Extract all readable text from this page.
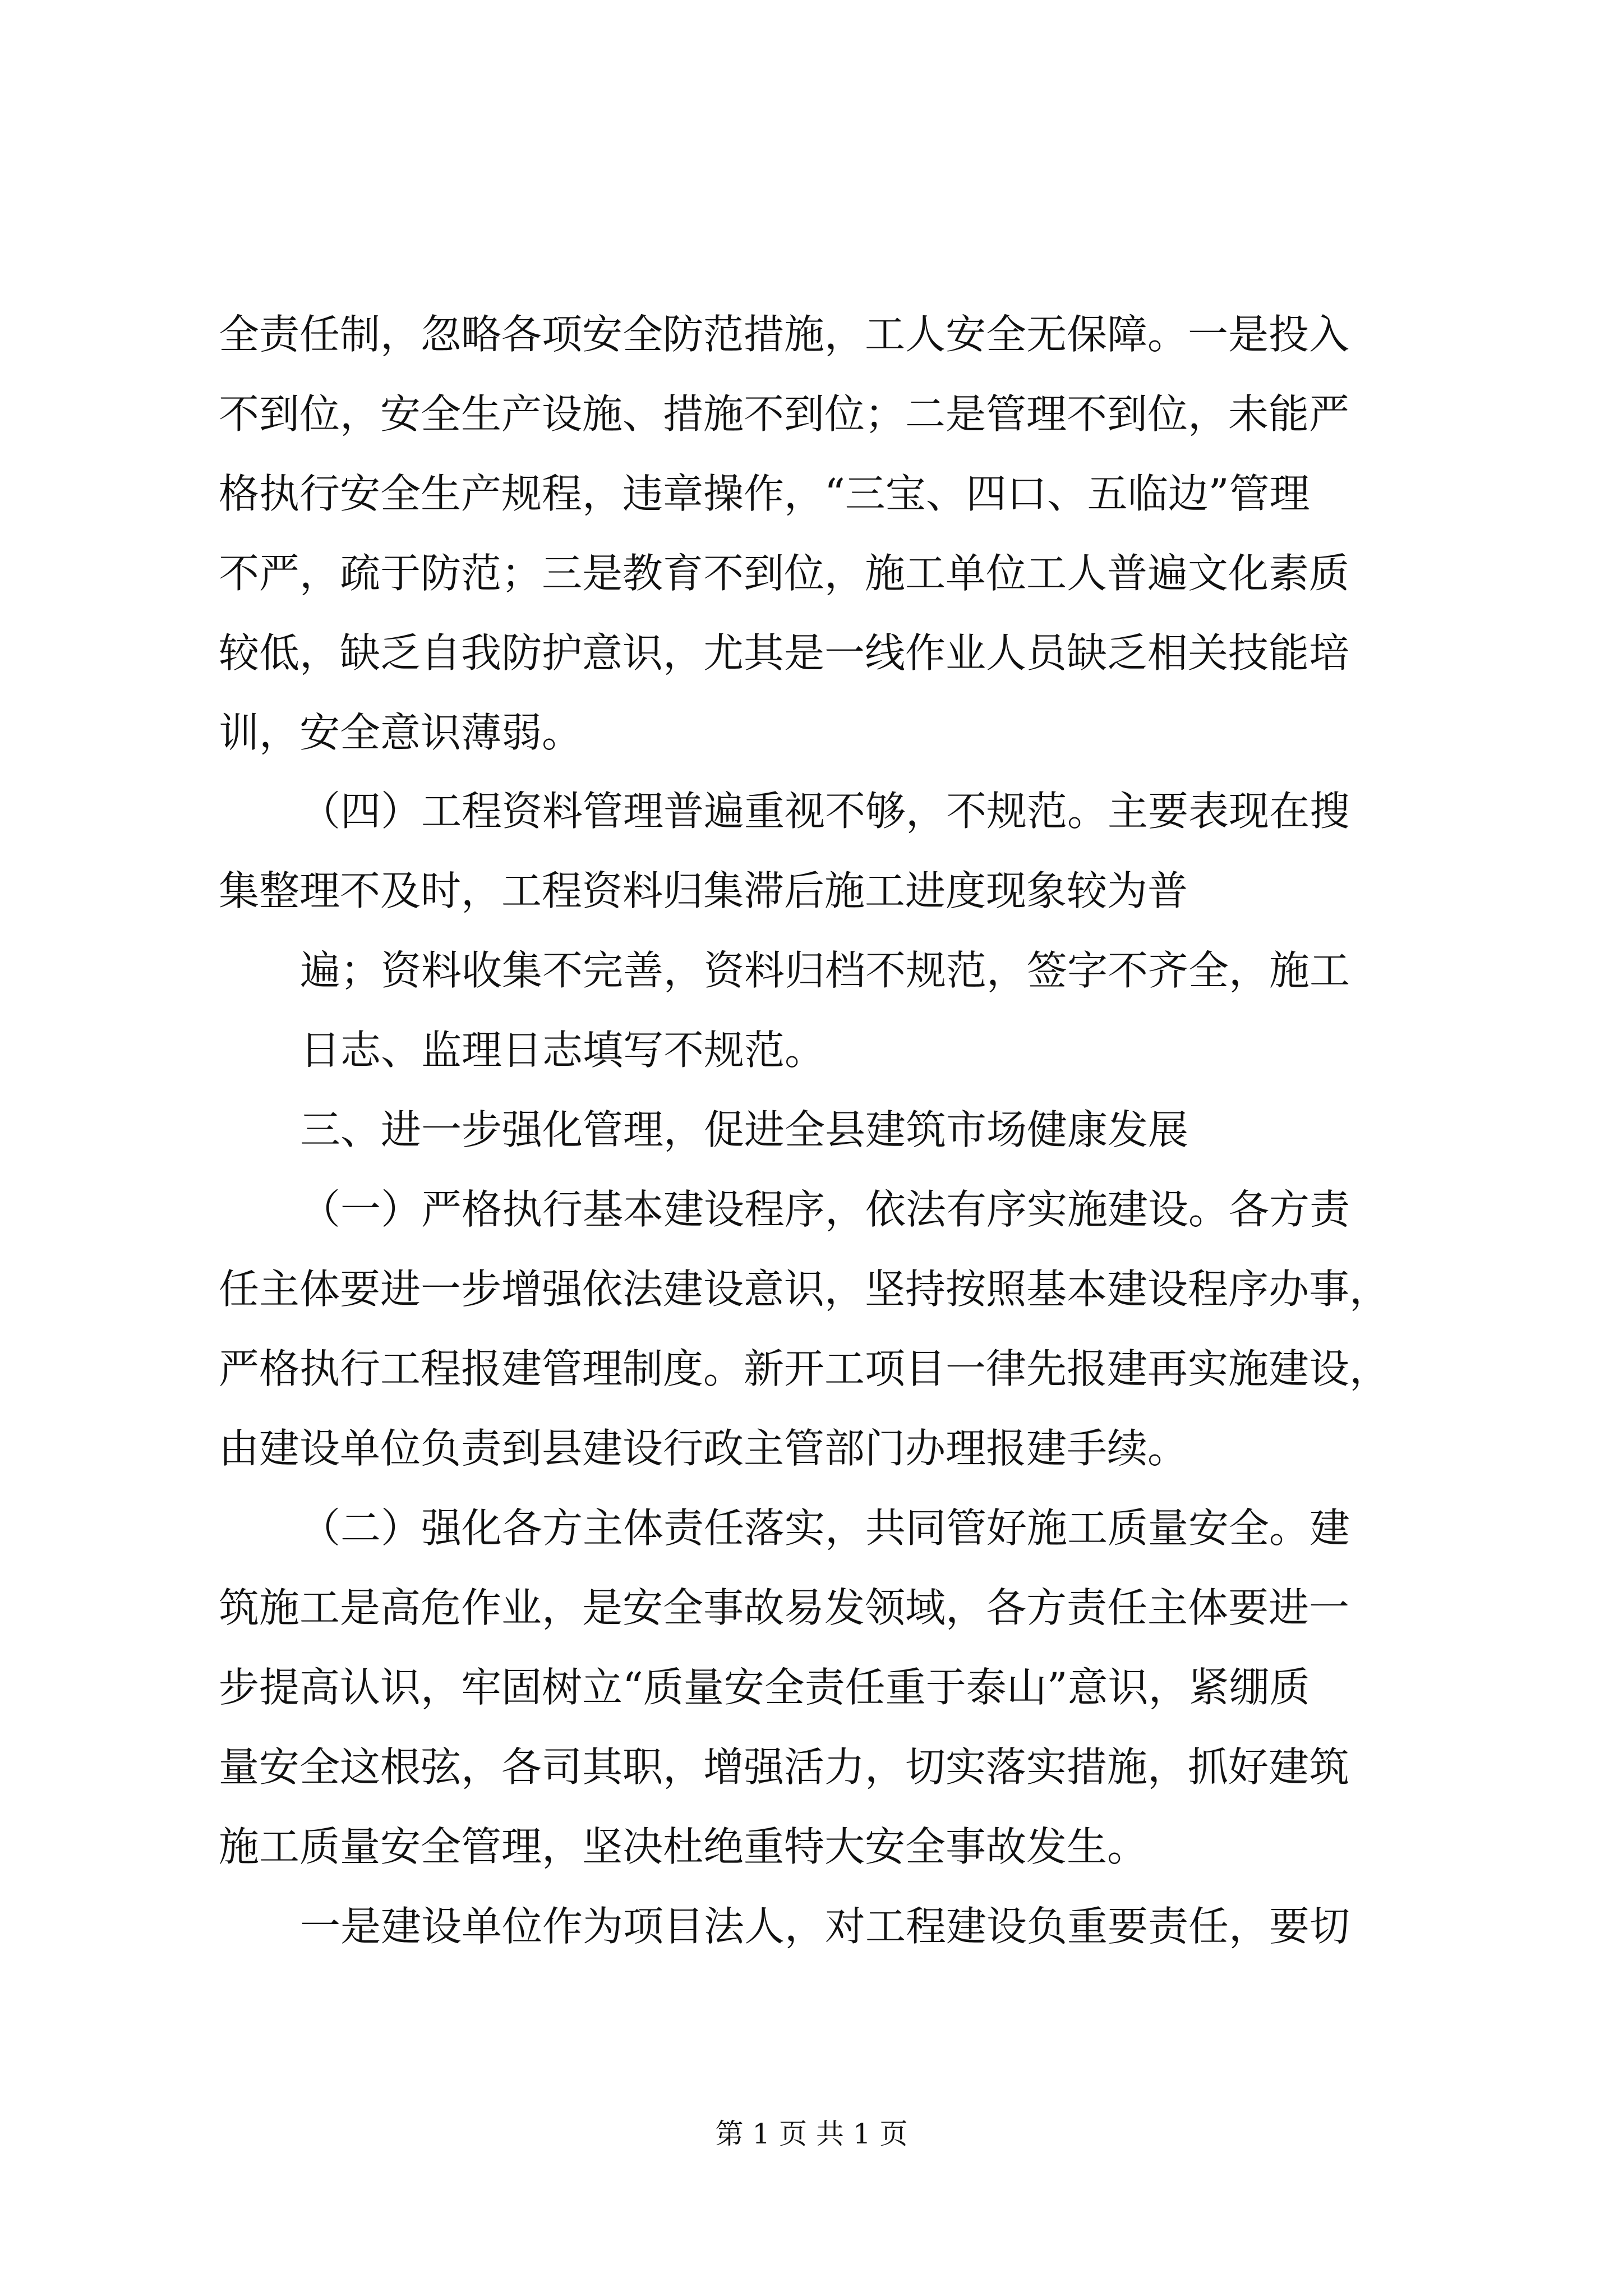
全责任制，忽略各项安全防范措施，工人安全无保障。一是投入
不到位，安全生产设施、措施不到位；二是管理不到位，未能严
格执行安全生产规程，违章操作，“三宝、四口、五临边”管理
不严，疏于防范；三是教育不到位，施工单位工人普遍文化素质
较低，缺乏自我防护意识，尤其是一线作业人员缺乏相关技能培
训，安全意识薄弱。
（四）工程资料管理普遍重视不够，不规范。主要表现在搜
集整理不及时，工程资料归集滞后施工进度现象较为普
遍；资料收集不完善，资料归档不规范，签字不齐全，施工
日志、监理日志填写不规范。
三、进一步强化管理，促进全县建筑市场健康发展
（一）严格执行基本建设程序，依法有序实施建设。各方责
任主体要进一步增强依法建设意识，坚持按照基本建设程序办事，
严格执行工程报建管理制度。新开工项目一律先报建再实施建设，
由建设单位负责到县建设行政主管部门办理报建手续。
（二）强化各方主体责任落实，共同管好施工质量安全。建
筑施工是高危作业，是安全事故易发领域，各方责任主体要进一
步提高认识，牢固树立“质量安全责任重于泰山”意识，紧绷质
量安全这根弦，各司其职，增强活力，切实落实措施，抓好建筑
施工质量安全管理，坚决杜绝重特大安全事故发生。
一是建设单位作为项目法人，对工程建设负重要责任，要切
第 1 页 共 1 页
